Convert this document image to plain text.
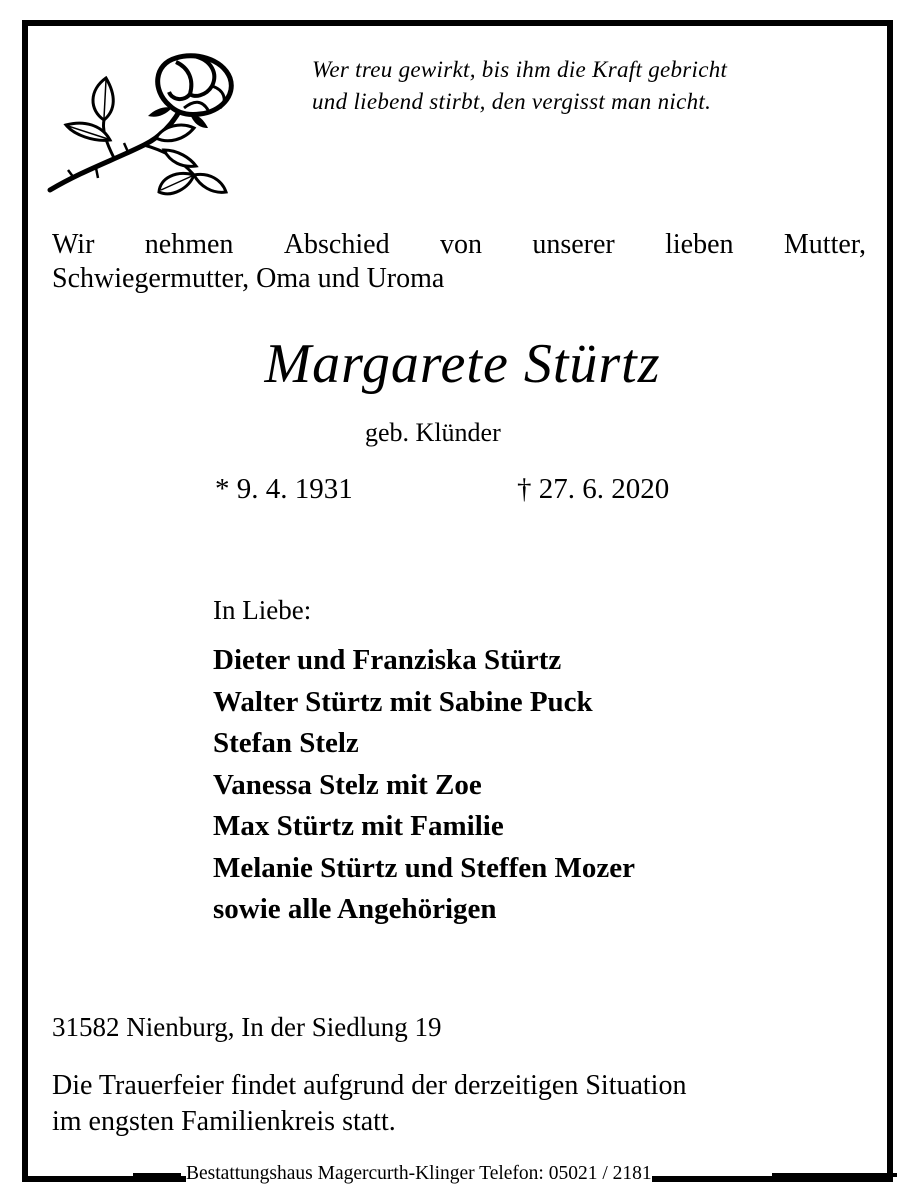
Wer treu gewirkt, bis ihm die Kraft gebricht
und liebend stirbt, den vergisst man nicht.
Wir nehmen Abschied von unserer lieben Mutter,
Schwiegermutter, Oma und Uroma
Margarete Stürtz
geb. Klünder
* 9. 4. 1931	† 27. 6. 2020
In Liebe:
Dieter und Franziska Stürtz
Walter Stürtz mit Sabine Puck
Stefan Stelz
Vanessa Stelz mit Zoe
Max Stürtz mit Familie
Melanie Stürtz und Steffen Mozer
sowie alle Angehörigen
31582 Nienburg, In der Siedlung 19
Die Trauerfeier findet aufgrund der derzeitigen Situation
im engsten Familienkreis statt.
Bestattungshaus Magercurth-Klinger Telefon: 05021 / 2181
